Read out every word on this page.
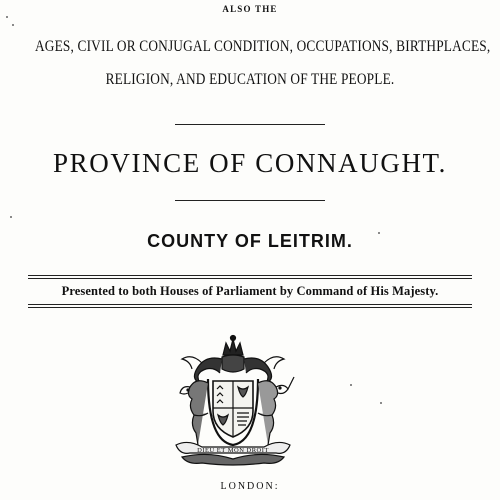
ALSO THE
AGES, CIVIL OR CONJUGAL CONDITION, OCCUPATIONS, BIRTHPLACES,
RELIGION, AND EDUCATION OF THE PEOPLE.
PROVINCE OF CONNAUGHT.
COUNTY OF LEITRIM.
Presented to both Houses of Parliament by Command of His Majesty.
DIEU ET MON DROIT
LONDON:
